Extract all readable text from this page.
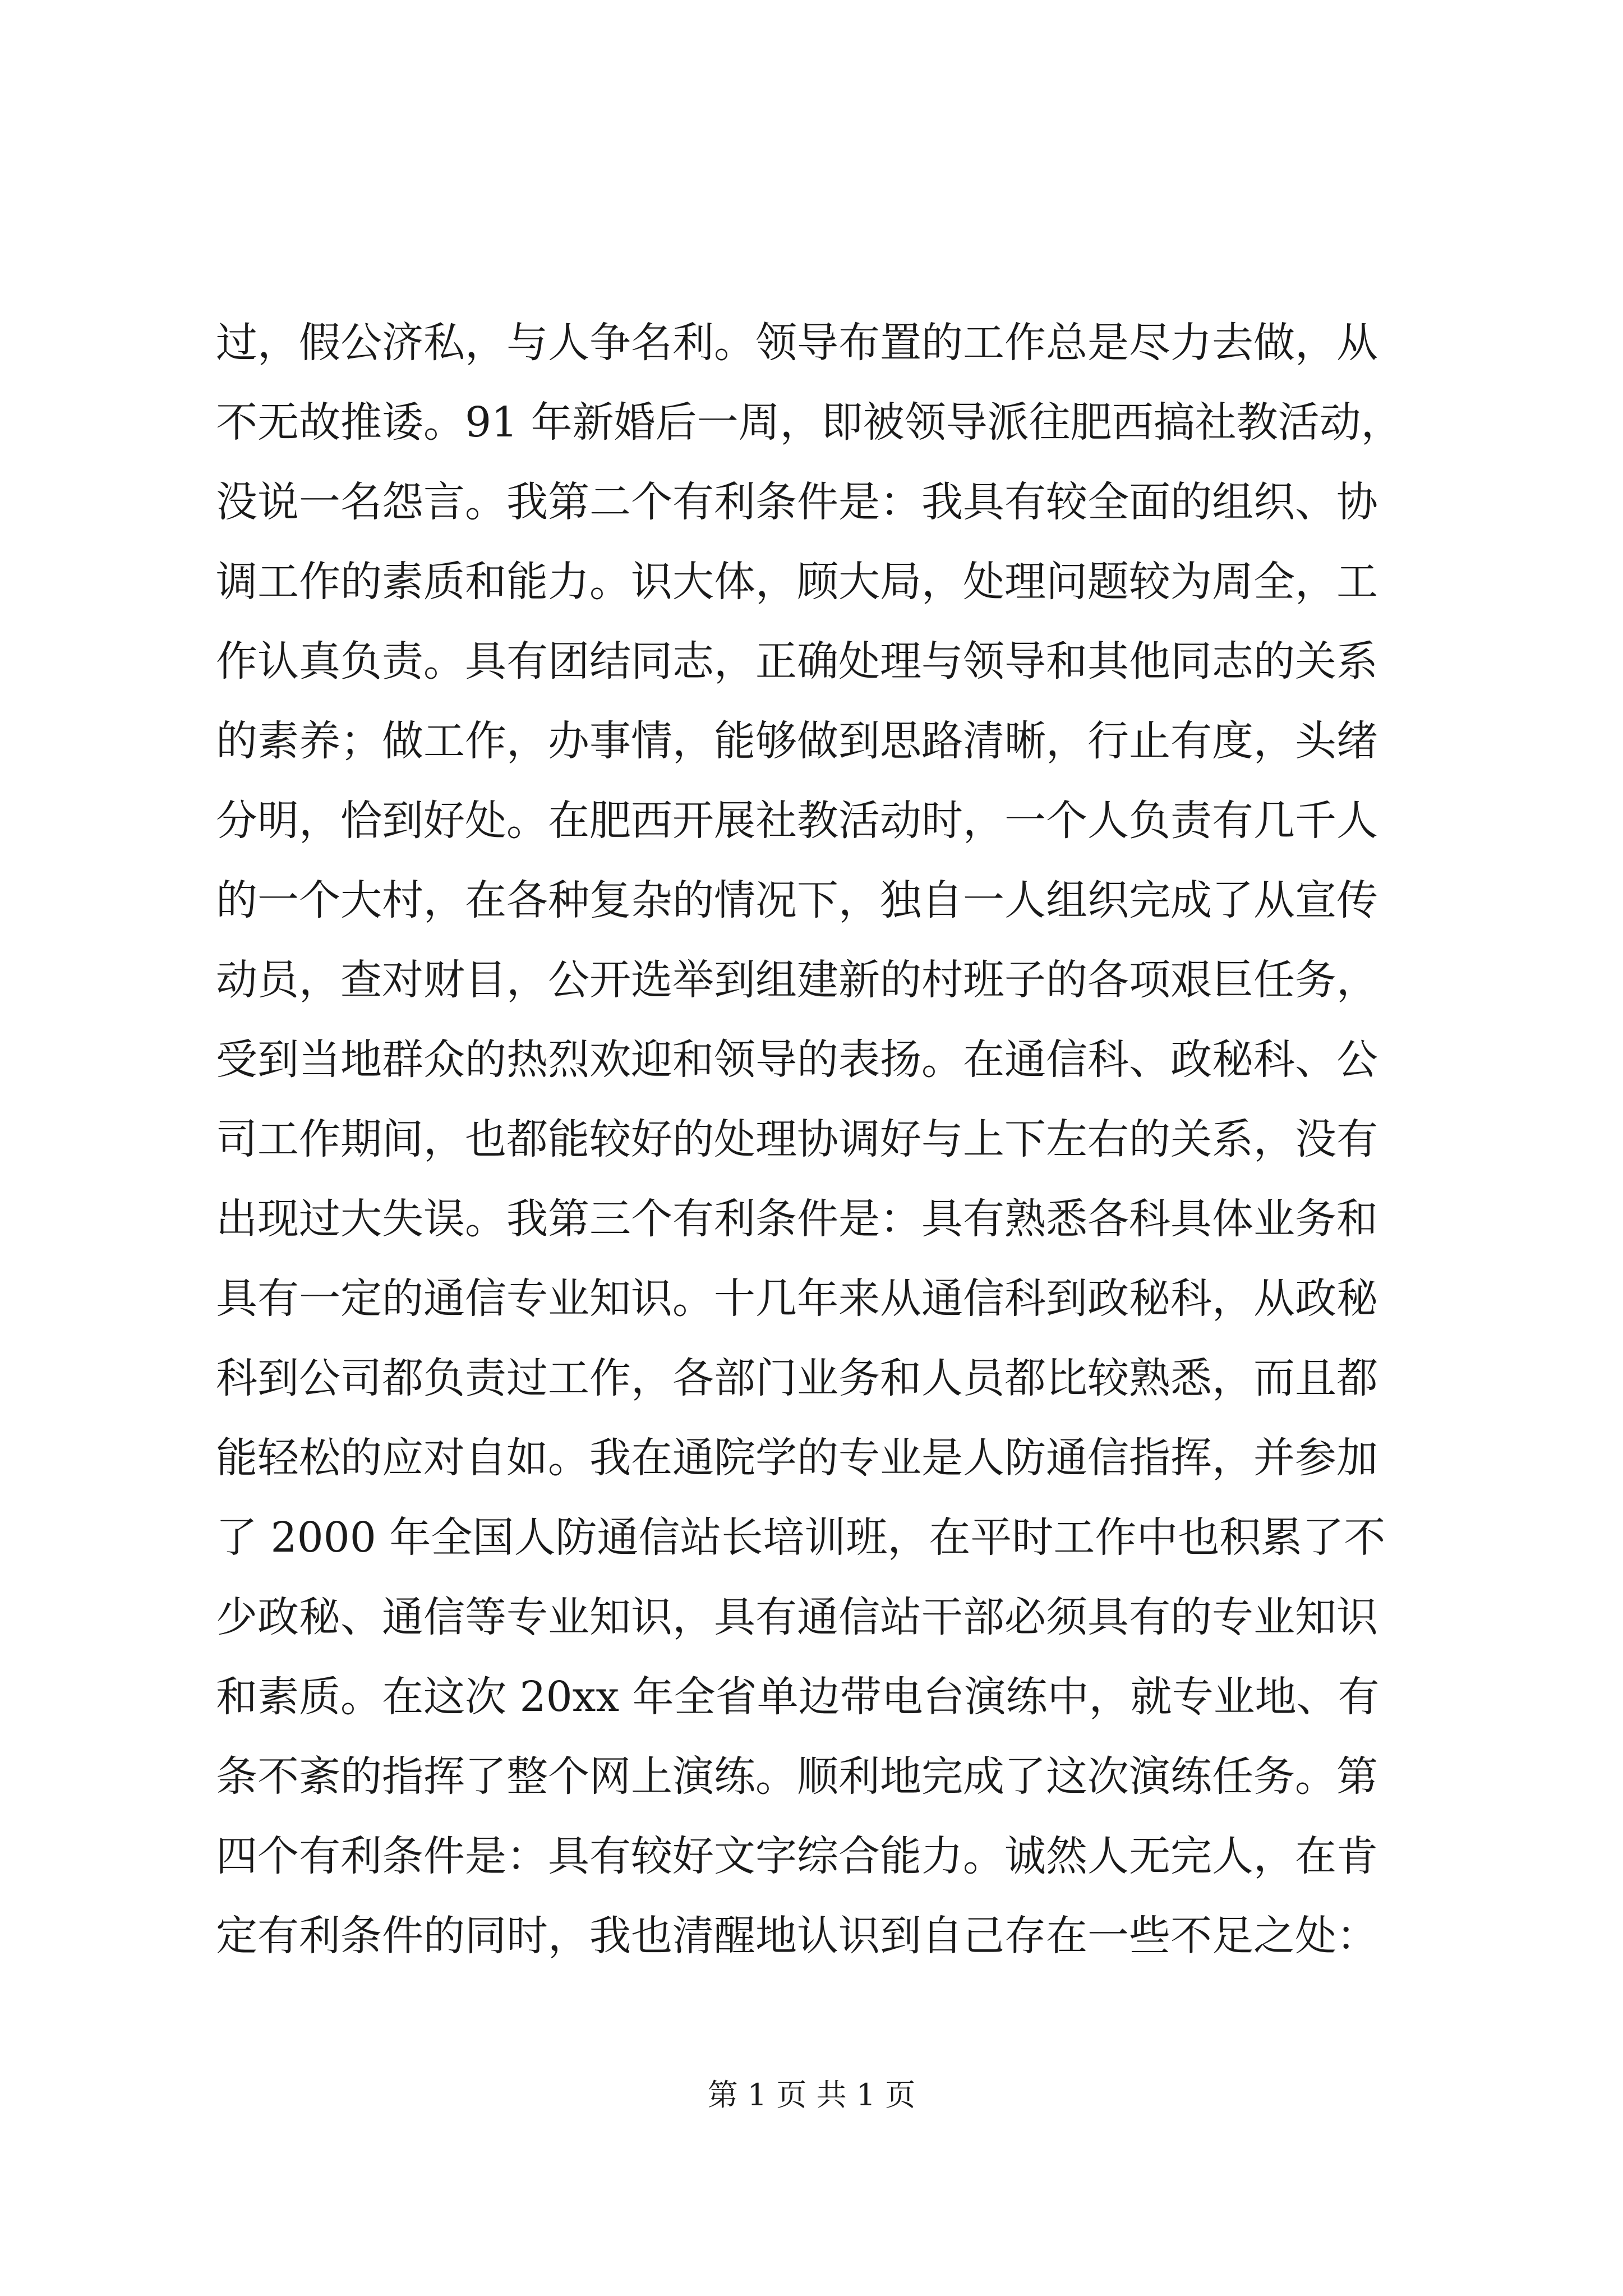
过，假公济私，与人争名利。领导布置的工作总是尽力去做，从
不无故推诿。91 年新婚后一周，即被领导派往肥西搞社教活动，
没说一名怨言。我第二个有利条件是：我具有较全面的组织、协
调工作的素质和能力。识大体，顾大局，处理问题较为周全，工
作认真负责。具有团结同志，正确处理与领导和其他同志的关系
的素养；做工作，办事情，能够做到思路清晰，行止有度，头绪
分明，恰到好处。在肥西开展社教活动时，一个人负责有几千人
的一个大村，在各种复杂的情况下，独自一人组织完成了从宣传
动员，查对财目，公开选举到组建新的村班子的各项艰巨任务，
受到当地群众的热烈欢迎和领导的表扬。在通信科、政秘科、公
司工作期间，也都能较好的处理协调好与上下左右的关系，没有
出现过大失误。我第三个有利条件是：具有熟悉各科具体业务和
具有一定的通信专业知识。十几年来从通信科到政秘科，从政秘
科到公司都负责过工作，各部门业务和人员都比较熟悉，而且都
能轻松的应对自如。我在通院学的专业是人防通信指挥，并参加
了 2000 年全国人防通信站长培训班，在平时工作中也积累了不
少政秘、通信等专业知识，具有通信站干部必须具有的专业知识
和素质。在这次 20xx 年全省单边带电台演练中，就专业地、有
条不紊的指挥了整个网上演练。顺利地完成了这次演练任务。第
四个有利条件是：具有较好文字综合能力。诚然人无完人，在肯
定有利条件的同时，我也清醒地认识到自己存在一些不足之处：
第 1 页 共 1 页
